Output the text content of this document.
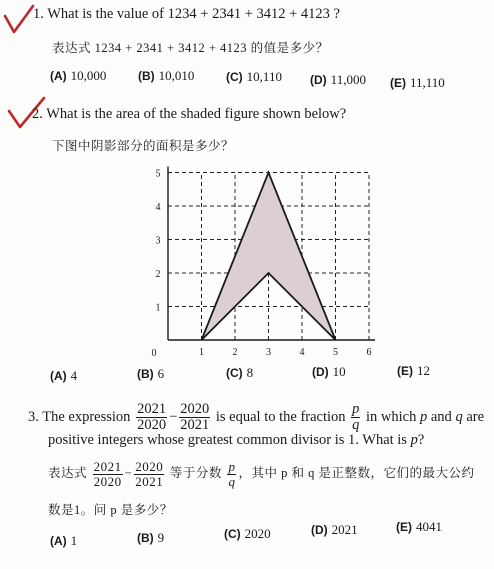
1. What is the value of 1234 + 2341 + 3412 + 4123 ?
表达式 1234 + 2341 + 3412 + 4123 的值是多少？
(A) 10,000	(B) 10,010	(C) 10,110 (D) 11,000 (E) 11,110
2. What is the area of the shaded figure shown below?
下图中阴影部分的面积是多少？
1	2	3	4	5	6
1
2
3
4
5
0
(A) 4	(B) 6	(C) 8	(D) 10	(E) 12
3. The expression $\frac{2021}{2020} - \frac{2020}{2021}$ is equal to the fraction $\frac{p}{q}$ in which p and q are
positive integers whose greatest common divisor is 1. What is p?
表达式 $\frac{2021}{2020} - \frac{2020}{2021}$ 等于分数 $\frac{p}{q}$ ，其中 p 和 q 是正整数，它们的最大公约
数是1。问 p 是多少？
(A) 1	(B) 9	(C) 2020	(D) 2021	(E) 4041
